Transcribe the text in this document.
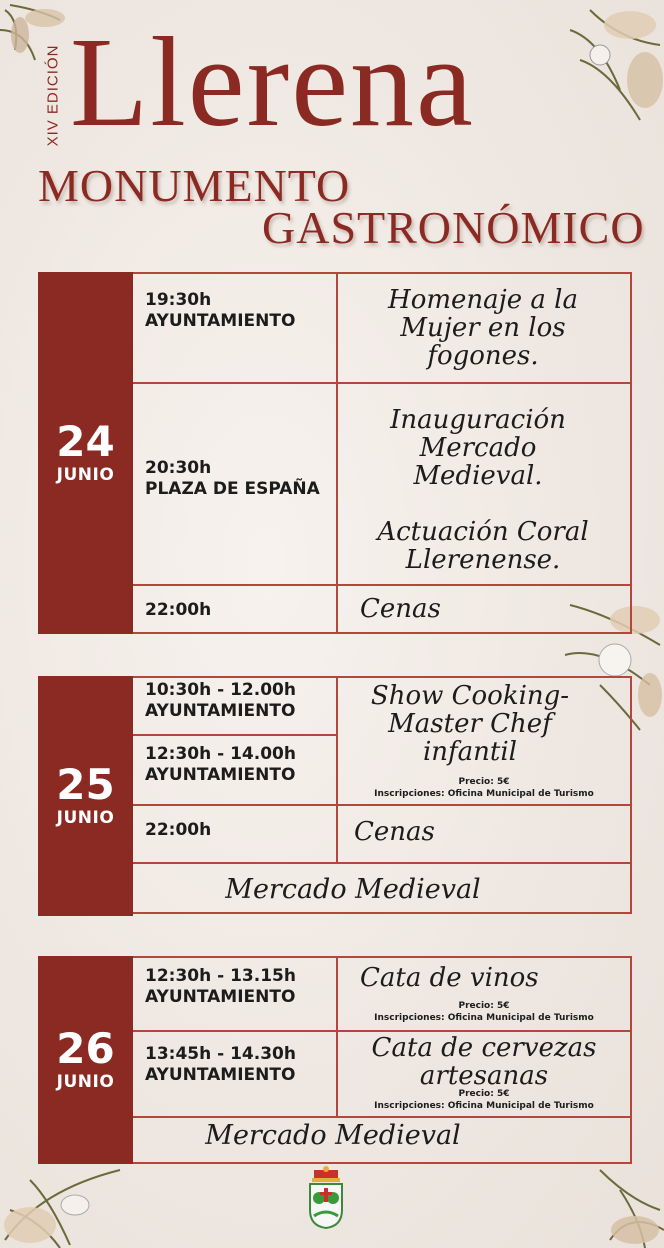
XIV EDICIÓN Llerena
MONUMENTO
GASTRONÓMICO
24
JUNIO
19:30h
AYUNTAMIENTO
Homenaje a la Mujer en los fogones.
20:30h
PLAZA DE ESPAÑA
Inauguración Mercado Medieval.
Actuación Coral Llerenense.
22:00h	Cenas
25
JUNIO
10:30h - 12.00h
AYUNTAMIENTO
12:30h - 14.00h
AYUNTAMIENTO
Show Cooking- Master Chef infantil
Precio: 5€
Inscripciones: Oficina Municipal de Turismo
22:00h	Cenas
Mercado Medieval
26
JUNIO
12:30h - 13.15h
AYUNTAMIENTO
Cata de vinos
Precio: 5€
Inscripciones: Oficina Municipal de Turismo
13:45h - 14.30h
AYUNTAMIENTO
Cata de cervezas artesanas
Precio: 5€
Inscripciones: Oficina Municipal de Turismo
Mercado Medieval
